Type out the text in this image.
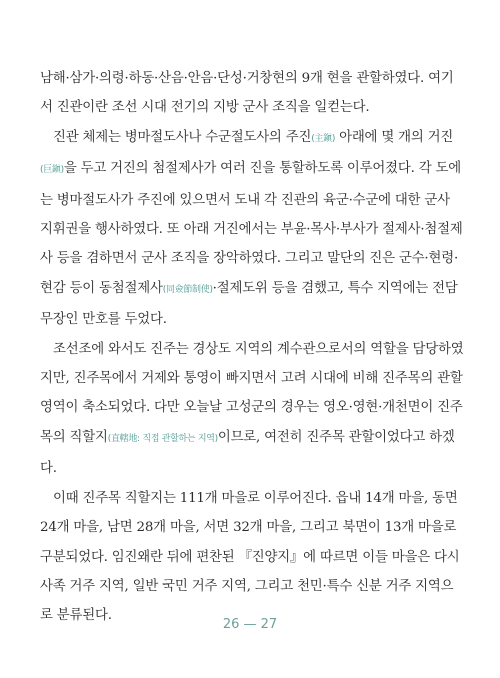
남해·삼가·의령·하동·산음·안음·단성·거창현의 9개 현을 관할하였다. 여기서 진관이란 조선 시대 전기의 지방 군사 조직을 일컫는다.

진관 체제는 병마절도사나 수군절도사의 주진(主鎭) 아래에 몇 개의 거진(巨鎭)을 두고 거진의 첨절제사가 여러 진을 통할하도록 이루어졌다. 각 도에는 병마절도사가 주진에 있으면서 도내 각 진관의 육군·수군에 대한 군사 지휘권을 행사하였다. 또 아래 거진에서는 부윤·목사·부사가 절제사·첨절제사 등을 겸하면서 군사 조직을 장악하였다. 그리고 말단의 진은 군수·현령·현감 등이 동첨절제사(同僉節制使)·절제도위 등을 겸했고, 특수 지역에는 전담 무장인 만호를 두었다.

조선조에 와서도 진주는 경상도 지역의 계수관으로서의 역할을 담당하였지만, 진주목에서 거제와 통영이 빠지면서 고려 시대에 비해 진주목의 관할 영역이 축소되었다. 다만 오늘날 고성군의 경우는 영오·영현·개천면이 진주목의 직할지(直轄地: 직접 관할하는 지역)이므로, 여전히 진주목 관할이었다고 하겠다.

이때 진주목 직할지는 111개 마을로 이루어진다. 읍내 14개 마을, 동면 24개 마을, 남면 28개 마을, 서면 32개 마을, 그리고 북면이 13개 마을로 구분되었다. 임진왜란 뒤에 편찬된 『진양지』에 따르면 이들 마을은 다시 사족 거주 지역, 일반 국민 거주 지역, 그리고 천민·특수 신분 거주 지역으로 분류된다.

26 — 27
